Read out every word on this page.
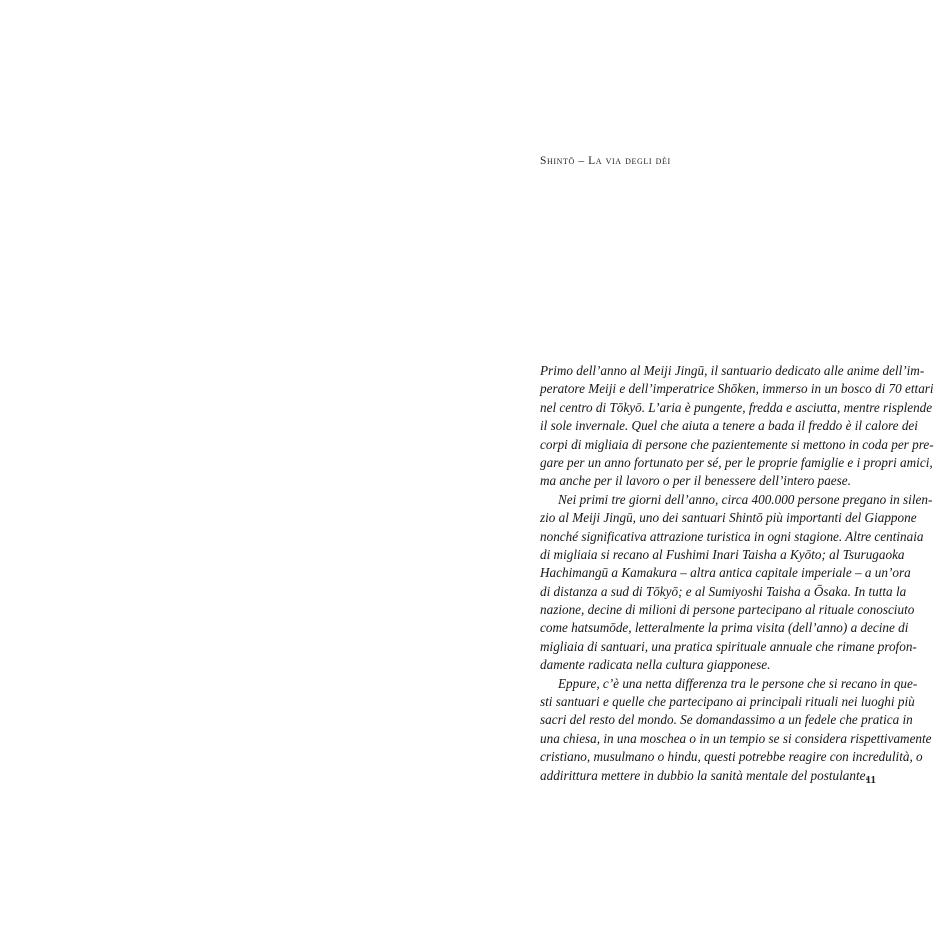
Shintō – La via degli dèi
Primo dell’anno al Meiji Jingū, il santuario dedicato alle anime dell’im-
peratore Meiji e dell’imperatrice Shōken, immerso in un bosco di 70 ettari
nel centro di Tōkyō. L’aria è pungente, fredda e asciutta, mentre risplende
il sole invernale. Quel che aiuta a tenere a bada il freddo è il calore dei
corpi di migliaia di persone che pazientemente si mettono in coda per pre-
gare per un anno fortunato per sé, per le proprie famiglie e i propri amici,
ma anche per il lavoro o per il benessere dell’intero paese.
Nei primi tre giorni dell’anno, circa 400.000 persone pregano in silen-
zio al Meiji Jingū, uno dei santuari Shintō più importanti del Giappone
nonché significativa attrazione turistica in ogni stagione. Altre centinaia
di migliaia si recano al Fushimi Inari Taisha a Kyōto; al Tsurugaoka
Hachimangū a Kamakura – altra antica capitale imperiale – a un’ora
di distanza a sud di Tōkyō; e al Sumiyoshi Taisha a Ōsaka. In tutta la
nazione, decine di milioni di persone partecipano al rituale conosciuto
come hatsumōde, letteralmente la prima visita (dell’anno) a decine di
migliaia di santuari, una pratica spirituale annuale che rimane profon-
damente radicata nella cultura giapponese.
Eppure, c’è una netta differenza tra le persone che si recano in que-
sti santuari e quelle che partecipano ai principali rituali nei luoghi più
sacri del resto del mondo. Se domandassimo a un fedele che pratica in
una chiesa, in una moschea o in un tempio se si considera rispettivamente
cristiano, musulmano o hindu, questi potrebbe reagire con incredulità, o
addirittura mettere in dubbio la sanità mentale del postulante.
11
